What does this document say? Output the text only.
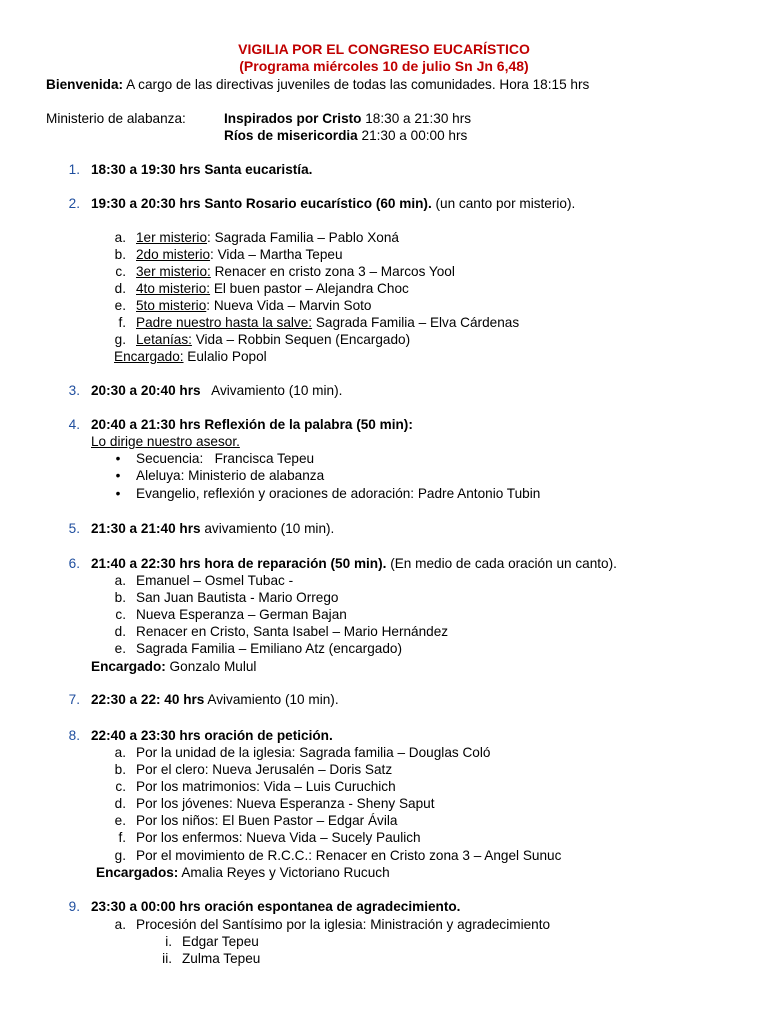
VIGILIA POR EL CONGRESO EUCARÍSTICO
(Programa miércoles 10 de julio Sn Jn 6,48)
Bienvenida: A cargo de las directivas juveniles de todas las comunidades. Hora 18:15 hrs
Ministerio de alabanza:	Inspirados por Cristo 18:30 a 21:30 hrs
Ríos de misericordia 21:30 a 00:00 hrs
1. 18:30 a 19:30 hrs Santa eucaristía.
2. 19:30 a 20:30 hrs Santo Rosario eucarístico (60 min). (un canto por misterio).
a. 1er misterio: Sagrada Familia – Pablo Xoná
b. 2do misterio: Vida – Martha Tepeu
c. 3er misterio: Renacer en cristo zona 3 – Marcos Yool
d. 4to misterio: El buen pastor – Alejandra Choc
e. 5to misterio: Nueva Vida – Marvin Soto
f. Padre nuestro hasta la salve: Sagrada Familia – Elva Cárdenas
g. Letanías: Vida – Robbin Sequen (Encargado)
Encargado: Eulalio Popol
3. 20:30 a 20:40 hrs   Avivamiento (10 min).
4. 20:40 a 21:30 hrs Reflexión de la palabra (50 min):
Lo dirige nuestro asesor.
•	Secuencia:   Francisca Tepeu
•	Aleluya: Ministerio de alabanza
•	Evangelio, reflexión y oraciones de adoración: Padre Antonio Tubin
5. 21:30 a 21:40 hrs avivamiento (10 min).
6. 21:40 a 22:30 hrs hora de reparación (50 min). (En medio de cada oración un canto).
a. Emanuel – Osmel Tubac -
b. San Juan Bautista - Mario Orrego
c. Nueva Esperanza – German Bajan
d. Renacer en Cristo, Santa Isabel – Mario Hernández
e. Sagrada Familia – Emiliano Atz (encargado)
Encargado: Gonzalo Mulul
7. 22:30 a 22: 40 hrs Avivamiento (10 min).
8. 22:40 a 23:30 hrs oración de petición.
a. Por la unidad de la iglesia: Sagrada familia – Douglas Coló
b. Por el clero: Nueva Jerusalén – Doris Satz
c. Por los matrimonios: Vida – Luis Curuchich
d. Por los jóvenes: Nueva Esperanza - Sheny Saput
e. Por los niños: El Buen Pastor – Edgar Ávila
f. Por los enfermos: Nueva Vida – Sucely Paulich
g. Por el movimiento de R.C.C.: Renacer en Cristo zona 3 – Angel Sunuc
Encargados: Amalia Reyes y Victoriano Rucuch
9. 23:30 a 00:00 hrs oración espontanea de agradecimiento.
a. Procesión del Santísimo por la iglesia: Ministración y agradecimiento
i. Edgar Tepeu
ii. Zulma Tepeu
